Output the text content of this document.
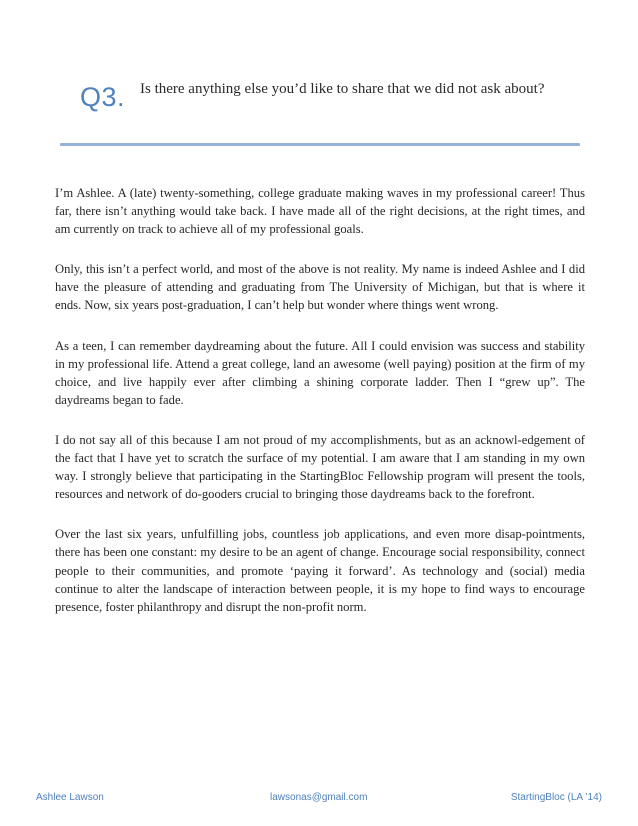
Q3. Is there anything else you’d like to share that we did not ask about?

I’m Ashlee. A (late) twenty-something, college graduate making waves in my professional career! Thus far, there isn’t anything would take back. I have made all of the right decisions, at the right times, and am currently on track to achieve all of my professional goals.

Only, this isn’t a perfect world, and most of the above is not reality. My name is indeed Ashlee and I did have the pleasure of attending and graduating from The University of Michigan, but that is where it ends. Now, six years post-graduation, I can’t help but wonder where things went wrong.

As a teen, I can remember daydreaming about the future. All I could envision was success and stability in my professional life. Attend a great college, land an awesome (well paying) position at the firm of my choice, and live happily ever after climbing a shining corporate ladder. Then I “grew up”. The daydreams began to fade.

I do not say all of this because I am not proud of my accomplishments, but as an acknowl-edgement of the fact that I have yet to scratch the surface of my potential. I am aware that I am standing in my own way. I strongly believe that participating in the StartingBloc Fellowship program will present the tools, resources and network of do-gooders crucial to bringing those daydreams back to the forefront.

Over the last six years, unfulfilling jobs, countless job applications, and even more disap-pointments, there has been one constant: my desire to be an agent of change. Encourage social responsibility, connect people to their communities, and promote ‘paying it forward’. As technology and (social) media continue to alter the landscape of interaction between people, it is my hope to find ways to encourage presence, foster philanthropy and disrupt the non-profit norm.

Ashlee Lawson	lawsonas@gmail.com	StartingBloc (LA ’14)
